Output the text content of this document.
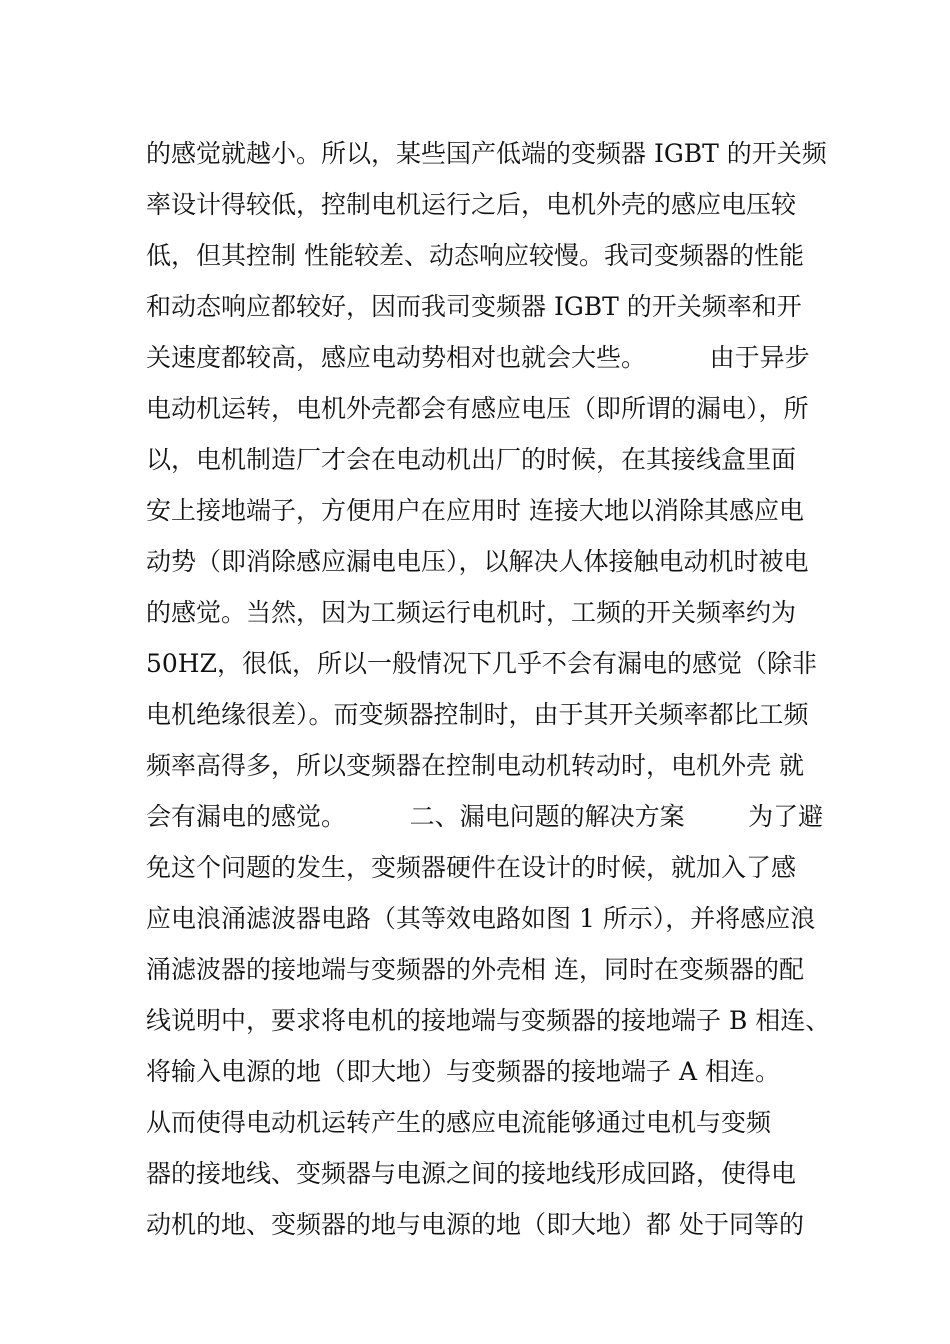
的感觉就越小。所以，某些国产低端的变频器 IGBT 的开关频
率设计得较低，控制电机运行之后，电机外壳的感应电压较
低，但其控制 性能较差、动态响应较慢。我司变频器的性能
和动态响应都较好，因而我司变频器 IGBT 的开关频率和开
关速度都较高，感应电动势相对也就会大些。        由于异步
电动机运转，电机外壳都会有感应电压（即所谓的漏电），所
以，电机制造厂才会在电动机出厂的时候，在其接线盒里面
安上接地端子，方便用户在应用时 连接大地以消除其感应电
动势（即消除感应漏电电压），以解决人体接触电动机时被电
的感觉。当然，因为工频运行电机时，工频的开关频率约为
50HZ，很低，所以一般情况下几乎不会有漏电的感觉（除非
电机绝缘很差）。而变频器控制时，由于其开关频率都比工频
频率高得多，所以变频器在控制电动机转动时，电机外壳 就
会有漏电的感觉。        二、漏电问题的解决方案        为了避
免这个问题的发生，变频器硬件在设计的时候，就加入了感
应电浪涌滤波器电路（其等效电路如图 1 所示），并将感应浪
涌滤波器的接地端与变频器的外壳相 连，同时在变频器的配
线说明中，要求将电机的接地端与变频器的接地端子 B 相连、
将输入电源的地（即大地）与变频器的接地端子 A 相连。
从而使得电动机运转产生的感应电流能够通过电机与变频
器的接地线、变频器与电源之间的接地线形成回路，使得电
动机的地、变频器的地与电源的地（即大地）都 处于同等的
